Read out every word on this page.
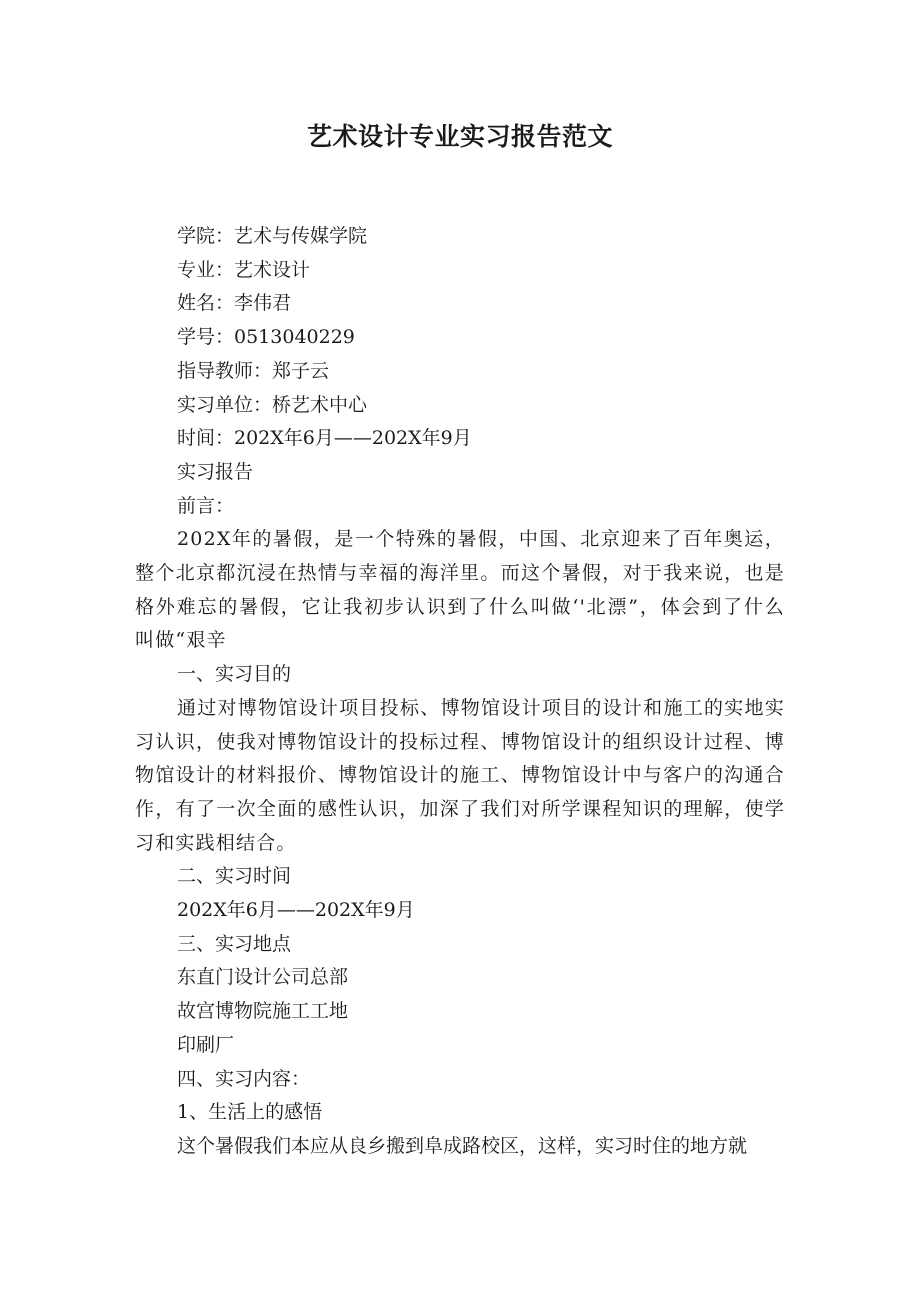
艺术设计专业实习报告范文

学院：艺术与传媒学院

专业：艺术设计

姓名：李伟君

学号：0513040229

指导教师：郑子云

实习单位：桥艺术中心

时间：202X年6月——202X年9月

实习报告

前言：

202X年的暑假，是一个特殊的暑假，中国、北京迎来了百年奥运，整个北京都沉浸在热情与幸福的海洋里。而这个暑假，对于我来说，也是格外难忘的暑假，它让我初步认识到了什么叫做‘'北漂”，体会到了什么叫做“艰辛

一、实习目的

通过对博物馆设计项目投标、博物馆设计项目的设计和施工的实地实习认识，使我对博物馆设计的投标过程、博物馆设计的组织设计过程、博物馆设计的材料报价、博物馆设计的施工、博物馆设计中与客户的沟通合作，有了一次全面的感性认识，加深了我们对所学课程知识的理解，使学习和实践相结合。

二、实习时间

202X年6月——202X年9月

三、实习地点

东直门设计公司总部

故宫博物院施工工地

印刷厂

四、实习内容：

1、生活上的感悟

这个暑假我们本应从良乡搬到阜成路校区，这样，实习时住的地方就
